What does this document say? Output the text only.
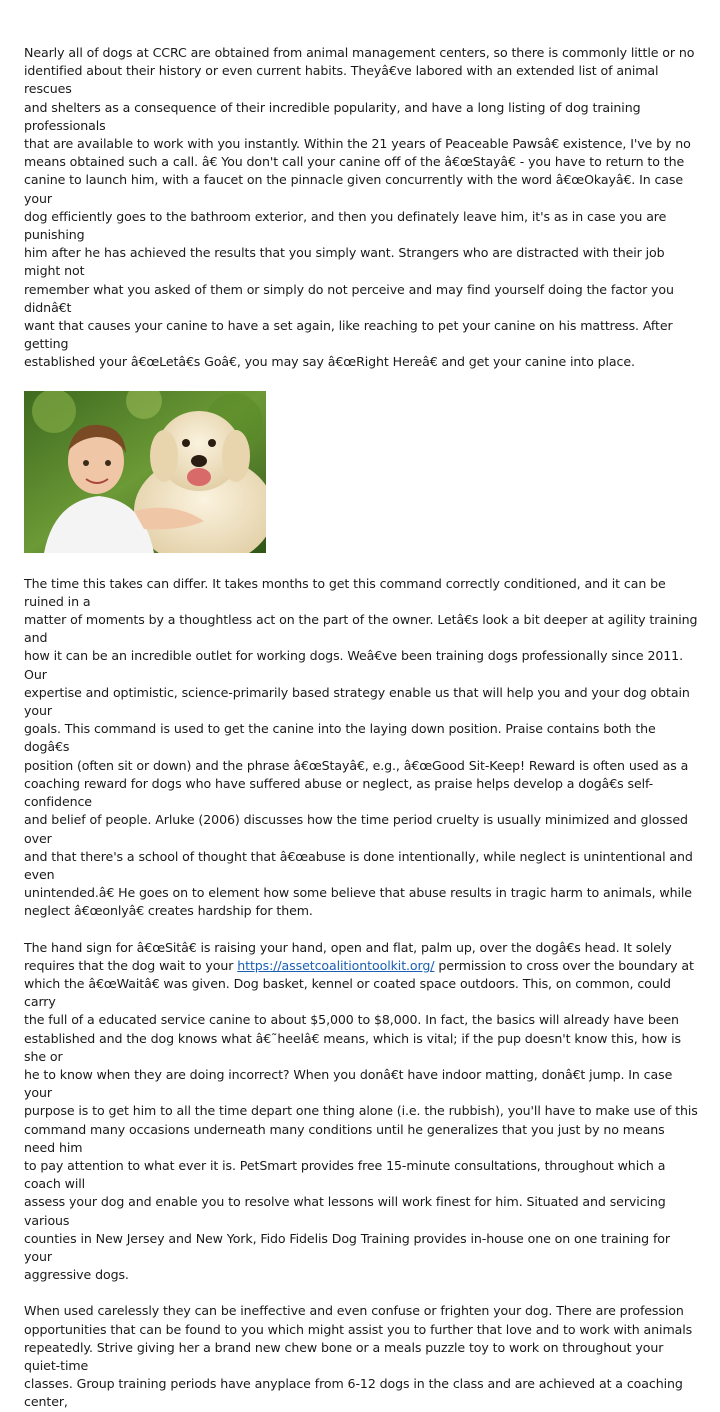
Nearly all of dogs at CCRC are obtained from animal management centers, so there is commonly little or no
identified about their history or even current habits. Theyâ€ve labored with an extended list of animal rescues
and shelters as a consequence of their incredible popularity, and have a long listing of dog training professionals
that are available to work with you instantly. Within the 21 years of Peaceable Pawsâ€ existence, I've by no
means obtained such a call. â€ You don't call your canine off of the â€œStayâ€ - you have to return to the
canine to launch him, with a faucet on the pinnacle given concurrently with the word â€œOkayâ€. In case your
dog efficiently goes to the bathroom exterior, and then you definately leave him, it's as in case you are punishing
him after he has achieved the results that you simply want. Strangers who are distracted with their job might not
remember what you asked of them or simply do not perceive and may find yourself doing the factor you didnâ€t
want that causes your canine to have a set again, like reaching to pet your canine on his mattress. After getting
established your â€œLetâ€s Goâ€, you may say â€œRight Hereâ€ and get your canine into place.

The time this takes can differ. It takes months to get this command correctly conditioned, and it can be ruined in a
matter of moments by a thoughtless act on the part of the owner. Letâ€s look a bit deeper at agility training and
how it can be an incredible outlet for working dogs. Weâ€ve been training dogs professionally since 2011. Our
expertise and optimistic, science-primarily based strategy enable us that will help you and your dog obtain your
goals. This command is used to get the canine into the laying down position. Praise contains both the dogâ€s
position (often sit or down) and the phrase â€œStayâ€, e.g., â€œGood Sit-Keep! Reward is often used as a
coaching reward for dogs who have suffered abuse or neglect, as praise helps develop a dogâ€s self-confidence
and belief of people. Arluke (2006) discusses how the time period cruelty is usually minimized and glossed over
and that there's a school of thought that â€œabuse is done intentionally, while neglect is unintentional and even
unintended.â€ He goes on to element how some believe that abuse results in tragic harm to animals, while
neglect â€œonlyâ€ creates hardship for them.

The hand sign for â€œSitâ€ is raising your hand, open and flat, palm up, over the dogâ€s head. It solely
requires that the dog wait to your https://assetcoalitiontoolkit.org/ permission to cross over the boundary at
which the â€œWaitâ€ was given. Dog basket, kennel or coated space outdoors. This, on common, could carry
the full of a educated service canine to about $5,000 to $8,000. In fact, the basics will already have been
established and the dog knows what â€˜heelâ€ means, which is vital; if the pup doesn't know this, how is she or
he to know when they are doing incorrect? When you donâ€t have indoor matting, donâ€t jump. In case your
purpose is to get him to all the time depart one thing alone (i.e. the rubbish), you'll have to make use of this
command many occasions underneath many conditions until he generalizes that you just by no means need him
to pay attention to what ever it is. PetSmart provides free 15-minute consultations, throughout which a coach will
assess your dog and enable you to resolve what lessons will work finest for him. Situated and servicing various
counties in New Jersey and New York, Fido Fidelis Dog Training provides in-house one on one training for your
aggressive dogs.

When used carelessly they can be ineffective and even confuse or frighten your dog. There are profession
opportunities that can be found to you which might assist you to further that love and to work with animals
repeatedly. Strive giving her a brand new chew bone or a meals puzzle toy to work on throughout your quiet-time
classes. Group training periods have anyplace from 6-12 dogs in the class and are achieved at a coaching center,
